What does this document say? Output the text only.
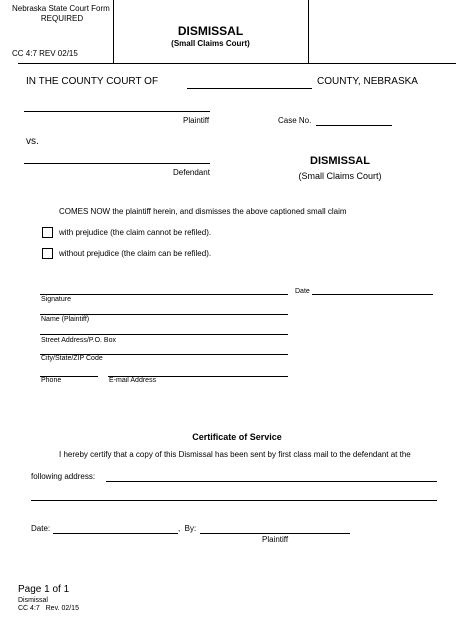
Nebraska State Court Form
REQUIRED
CC 4:7 REV 02/15
DISMISSAL
(Small Claims Court)
IN THE COUNTY COURT OF	COUNTY, NEBRASKA
Plaintiff	Case No.
vs.
Defendant
DISMISSAL
(Small Claims Court)
COMES NOW the plaintiff herein, and dismisses the above captioned small claim
with prejudice (the claim cannot be refiled).
without prejudice (the claim can be refiled).
Signature
Date
Name (Plaintiff)
Street Address/P.O. Box
City/State/ZIP Code
Phone	E-mail Address
Certificate of Service
I hereby certify that a copy of this Dismissal has been sent by first class mail to the defendant at the
following address:
Date:	,  By:
Plaintiff
Page 1 of 1
Dismissal
CC 4:7   Rev. 02/15
